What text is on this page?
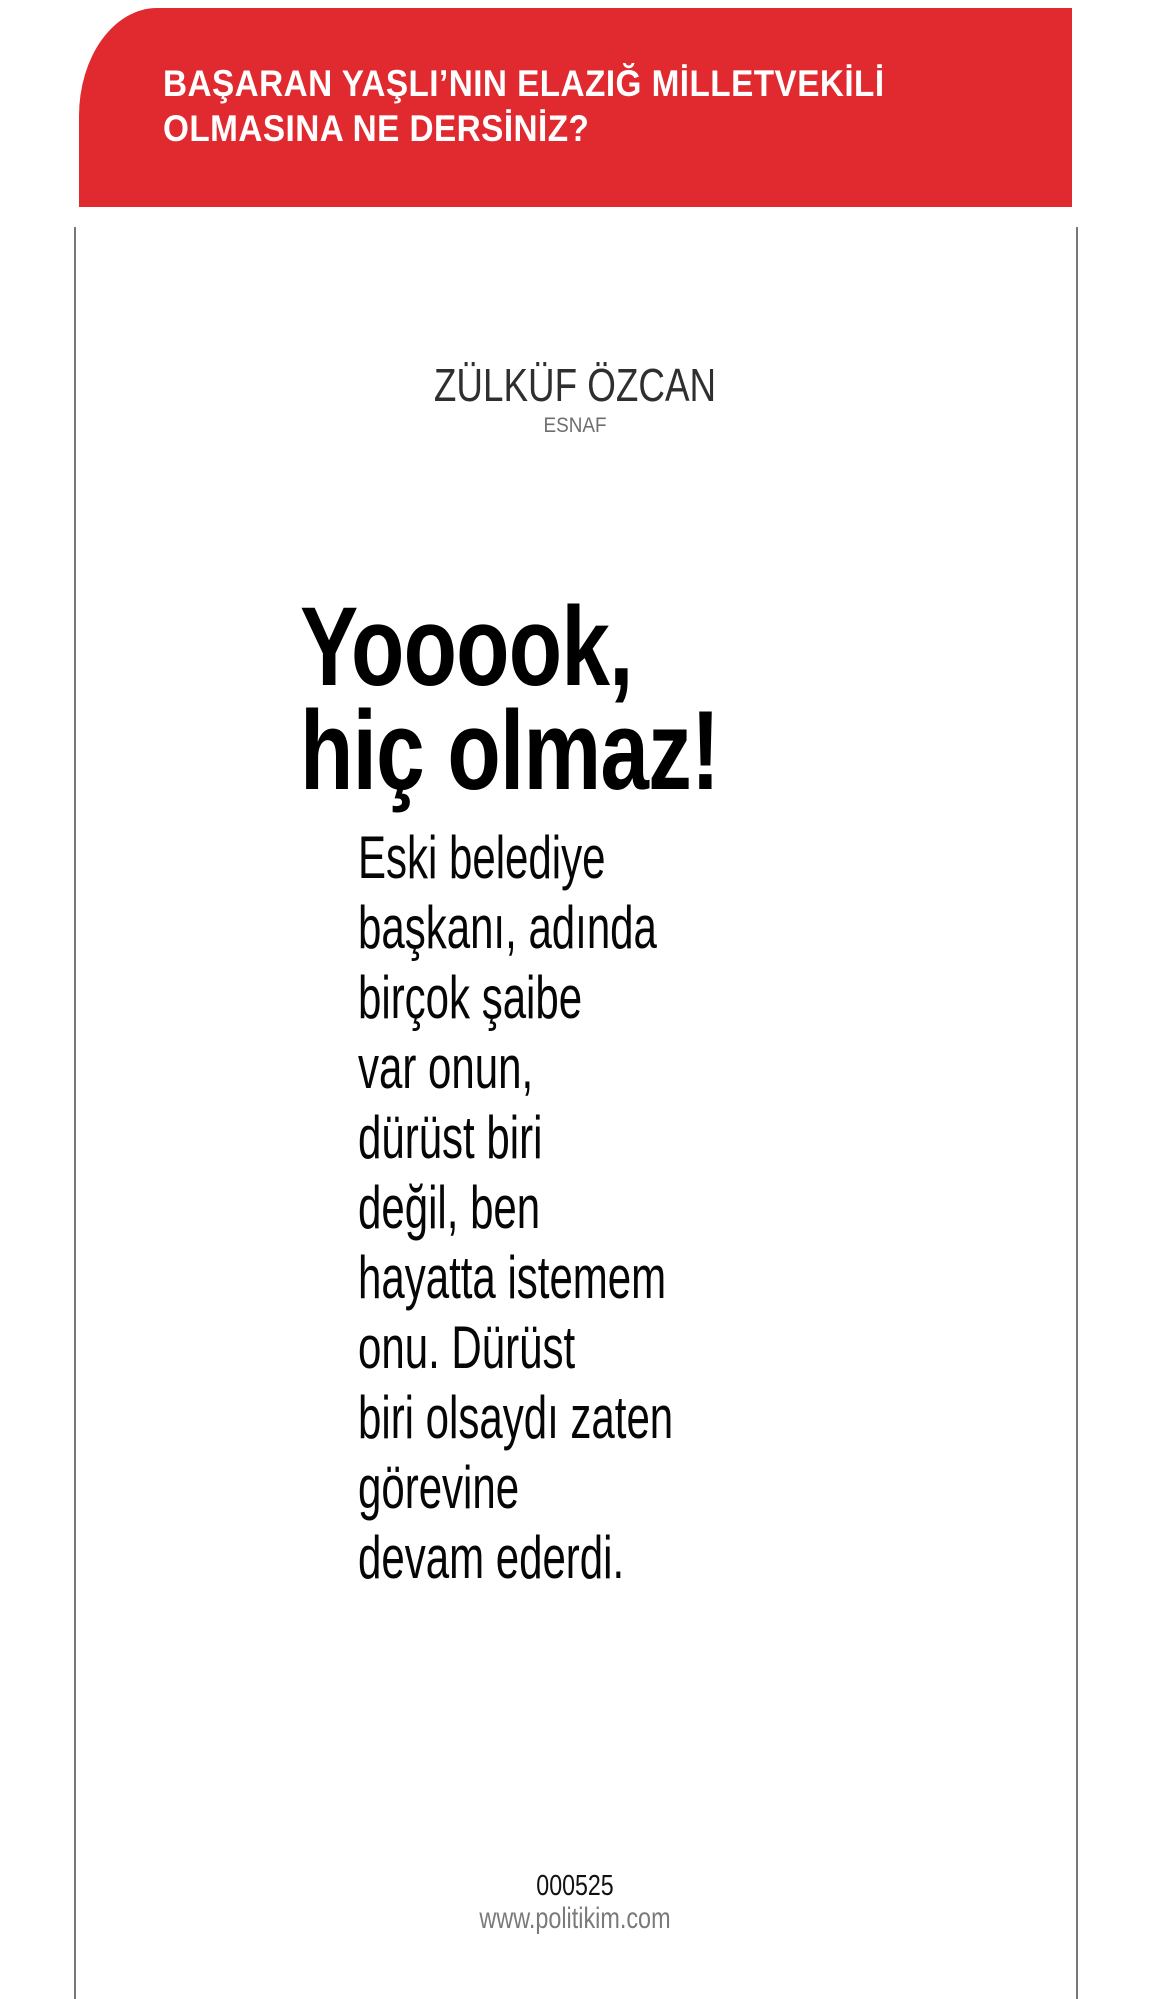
BAŞARAN YAŞLI’NIN ELAZIĞ MİLLETVEKİLİ
OLMASINA NE DERSİNİZ?
ZÜLKÜF ÖZCAN
ESNAF
Yooook,
hiç olmaz!
Eski belediye
başkanı, adında
birçok şaibe
var onun,
dürüst biri
değil, ben
hayatta istemem
onu. Dürüst
biri olsaydı zaten
görevine
devam ederdi.
000525
www.politikim.com
